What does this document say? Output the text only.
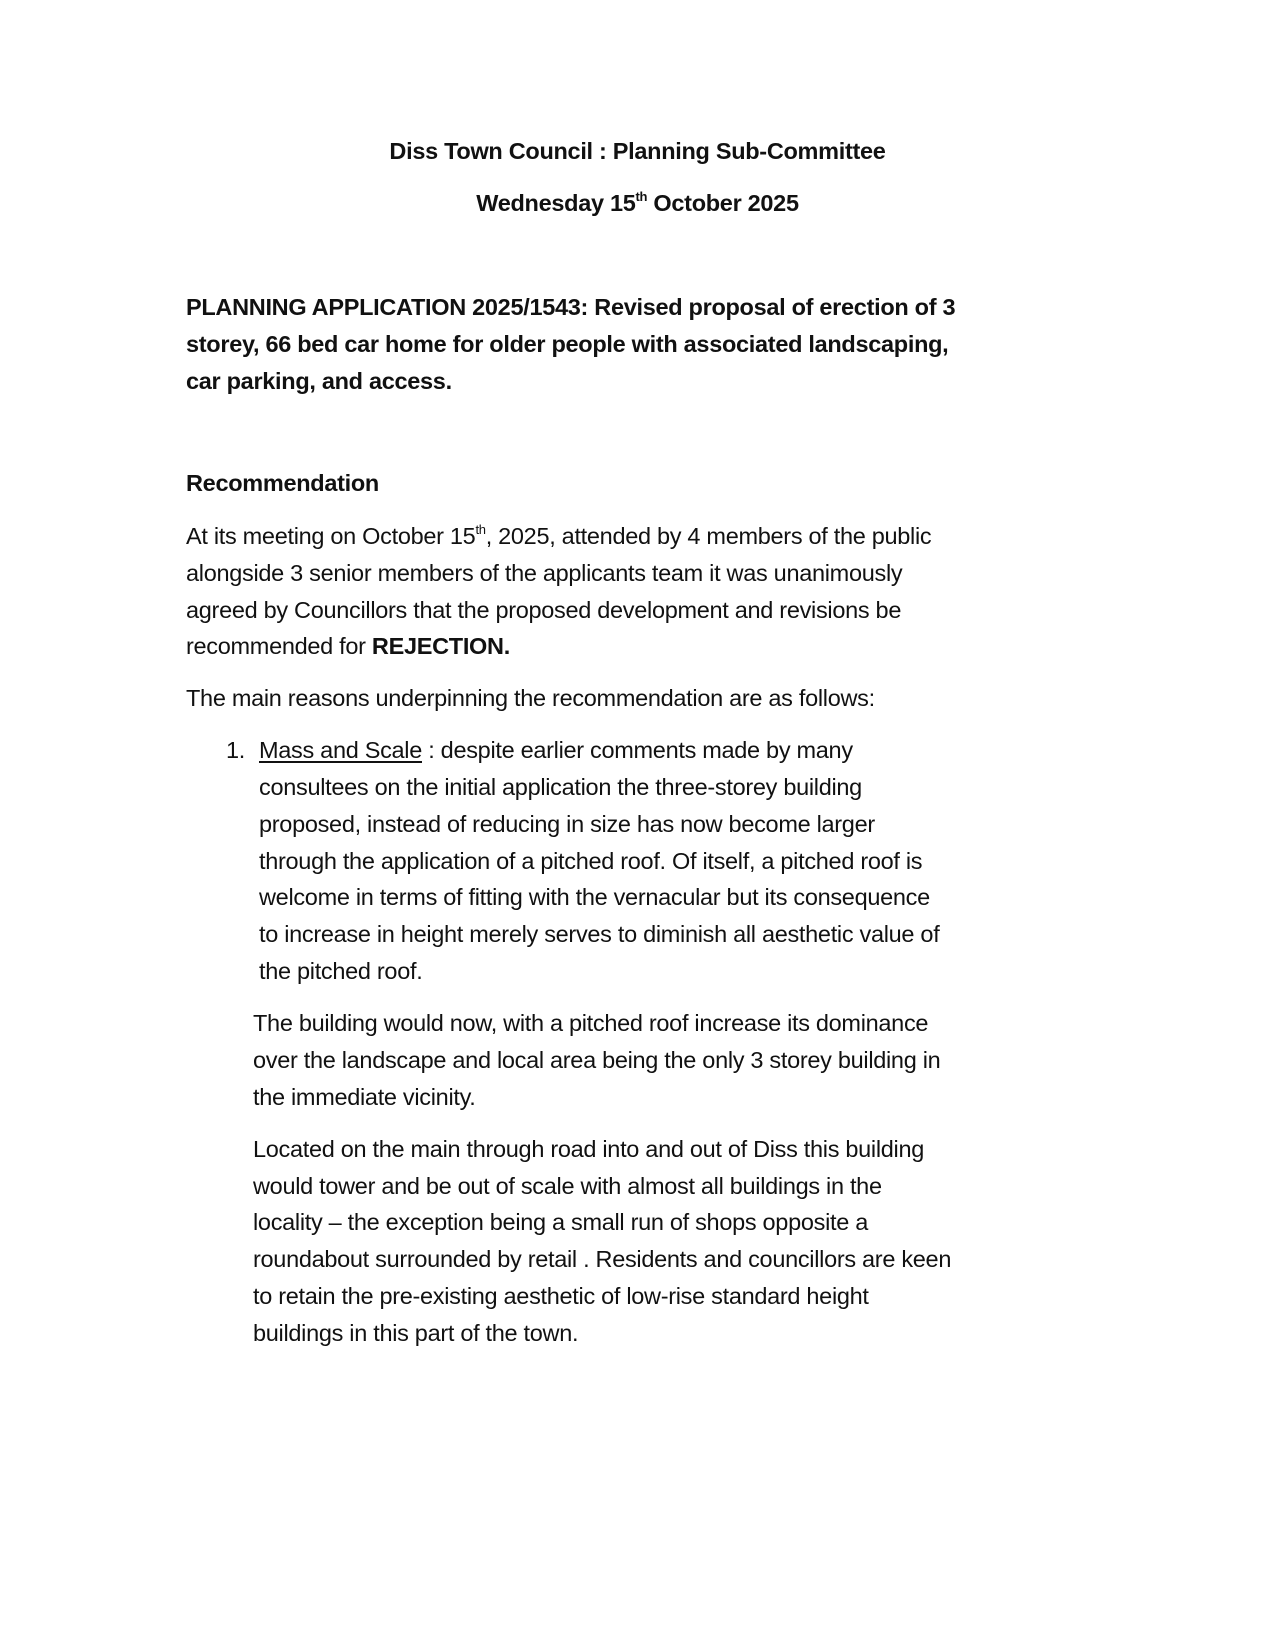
Diss Town Council : Planning Sub-Committee
Wednesday 15th October 2025
PLANNING APPLICATION 2025/1543: Revised proposal of erection of 3
storey, 66 bed car home for older people with associated landscaping,
car parking, and access.
Recommendation
At its meeting on October 15th, 2025, attended by 4 members of the public
alongside 3 senior members of the applicants team it was unanimously
agreed by Councillors that the proposed development and revisions be
recommended for REJECTION.
The main reasons underpinning the recommendation are as follows:
1. Mass and Scale : despite earlier comments made by many
consultees on the initial application the three-storey building
proposed, instead of reducing in size has now become larger
through the application of a pitched roof. Of itself, a pitched roof is
welcome in terms of fitting with the vernacular but its consequence
to increase in height merely serves to diminish all aesthetic value of
the pitched roof.
The building would now, with a pitched roof increase its dominance
over the landscape and local area being the only 3 storey building in
the immediate vicinity.
Located on the main through road into and out of Diss this building
would tower and be out of scale with almost all buildings in the
locality – the exception being a small run of shops opposite a
roundabout surrounded by retail . Residents and councillors are keen
to retain the pre-existing aesthetic of low-rise standard height
buildings in this part of the town.
